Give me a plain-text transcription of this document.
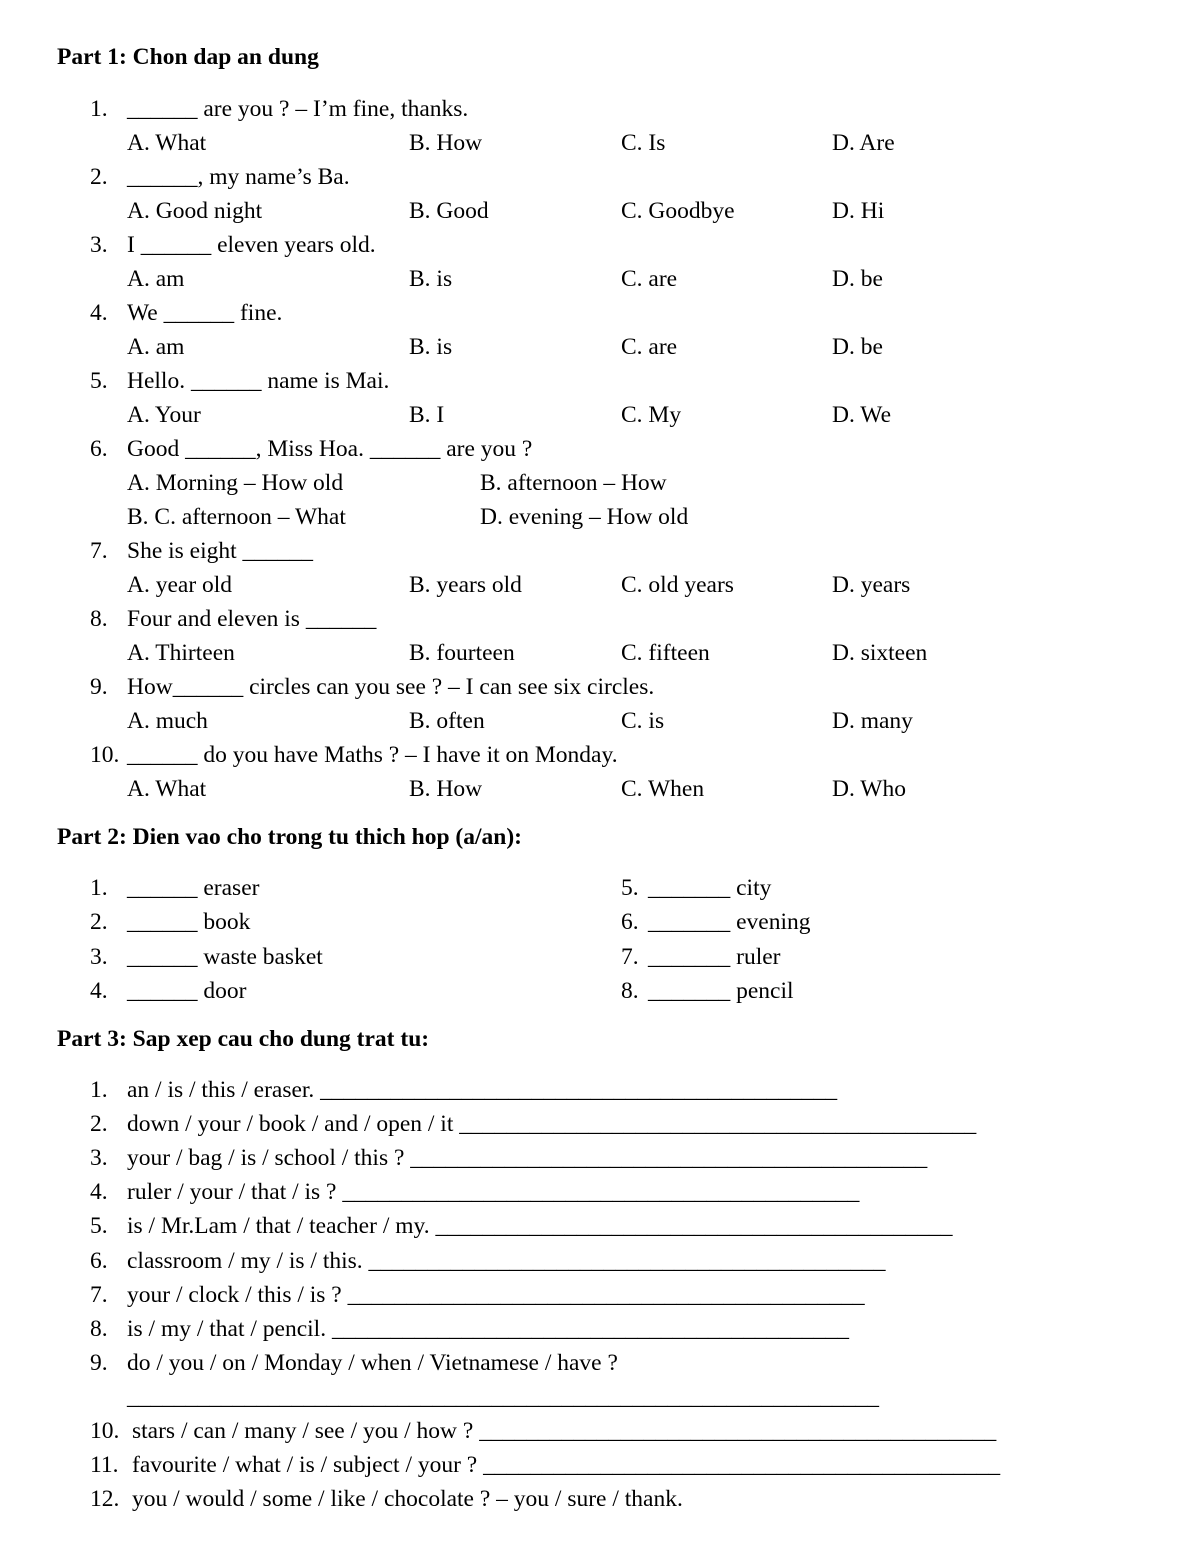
Part 1: Chon dap an dung
1. ______ are you ? – I’m fine, thanks.
A. What	B. How	C. Is	D. Are
2. ______, my name’s Ba.
A. Good night	B. Good	C. Goodbye	D. Hi
3. I ______ eleven years old.
A. am	B. is	C. are	D. be
4. We ______ fine.
A. am	B. is	C. are	D. be
5. Hello. ______ name is Mai.
A. Your	B. I	C. My	D. We
6. Good ______, Miss Hoa. ______ are you ?
A. Morning – How old	B. afternoon – How
B. C. afternoon – What	D. evening – How old
7. She is eight ______
A. year old	B. years old	C. old years	D. years
8. Four and eleven is ______
A. Thirteen	B. fourteen	C. fifteen	D. sixteen
9. How______ circles can you see ? – I can see six circles.
A. much	B. often	C. is	D. many
10. ______ do you have Maths ? – I have it on Monday.
A. What	B. How	C. When	D. Who
Part 2: Dien vao cho trong tu thich hop (a/an):
1. ______ eraser	5. _______ city
2. ______ book	6. _______ evening
3. ______ waste basket	7. _______ ruler
4. ______ door	8. _______ pencil
Part 3: Sap xep cau cho dung trat tu:
1. an / is / this / eraser. ____________________________________________
2. down / your / book / and / open / it ____________________________________________
3. your / bag / is / school / this ? ____________________________________________
4. ruler / your / that / is ? ____________________________________________
5. is / Mr.Lam / that / teacher / my. ____________________________________________
6. classroom / my / is / this. ____________________________________________
7. your / clock / this / is ? ____________________________________________
8. is / my / that / pencil. ____________________________________________
9. do / you / on / Monday / when / Vietnamese / have ?
________________________________________________________________
10. stars / can / many / see / you / how ? ____________________________________________
11. favourite / what / is / subject / your ? ____________________________________________
12. you / would / some / like / chocolate ? – you / sure / thank.
